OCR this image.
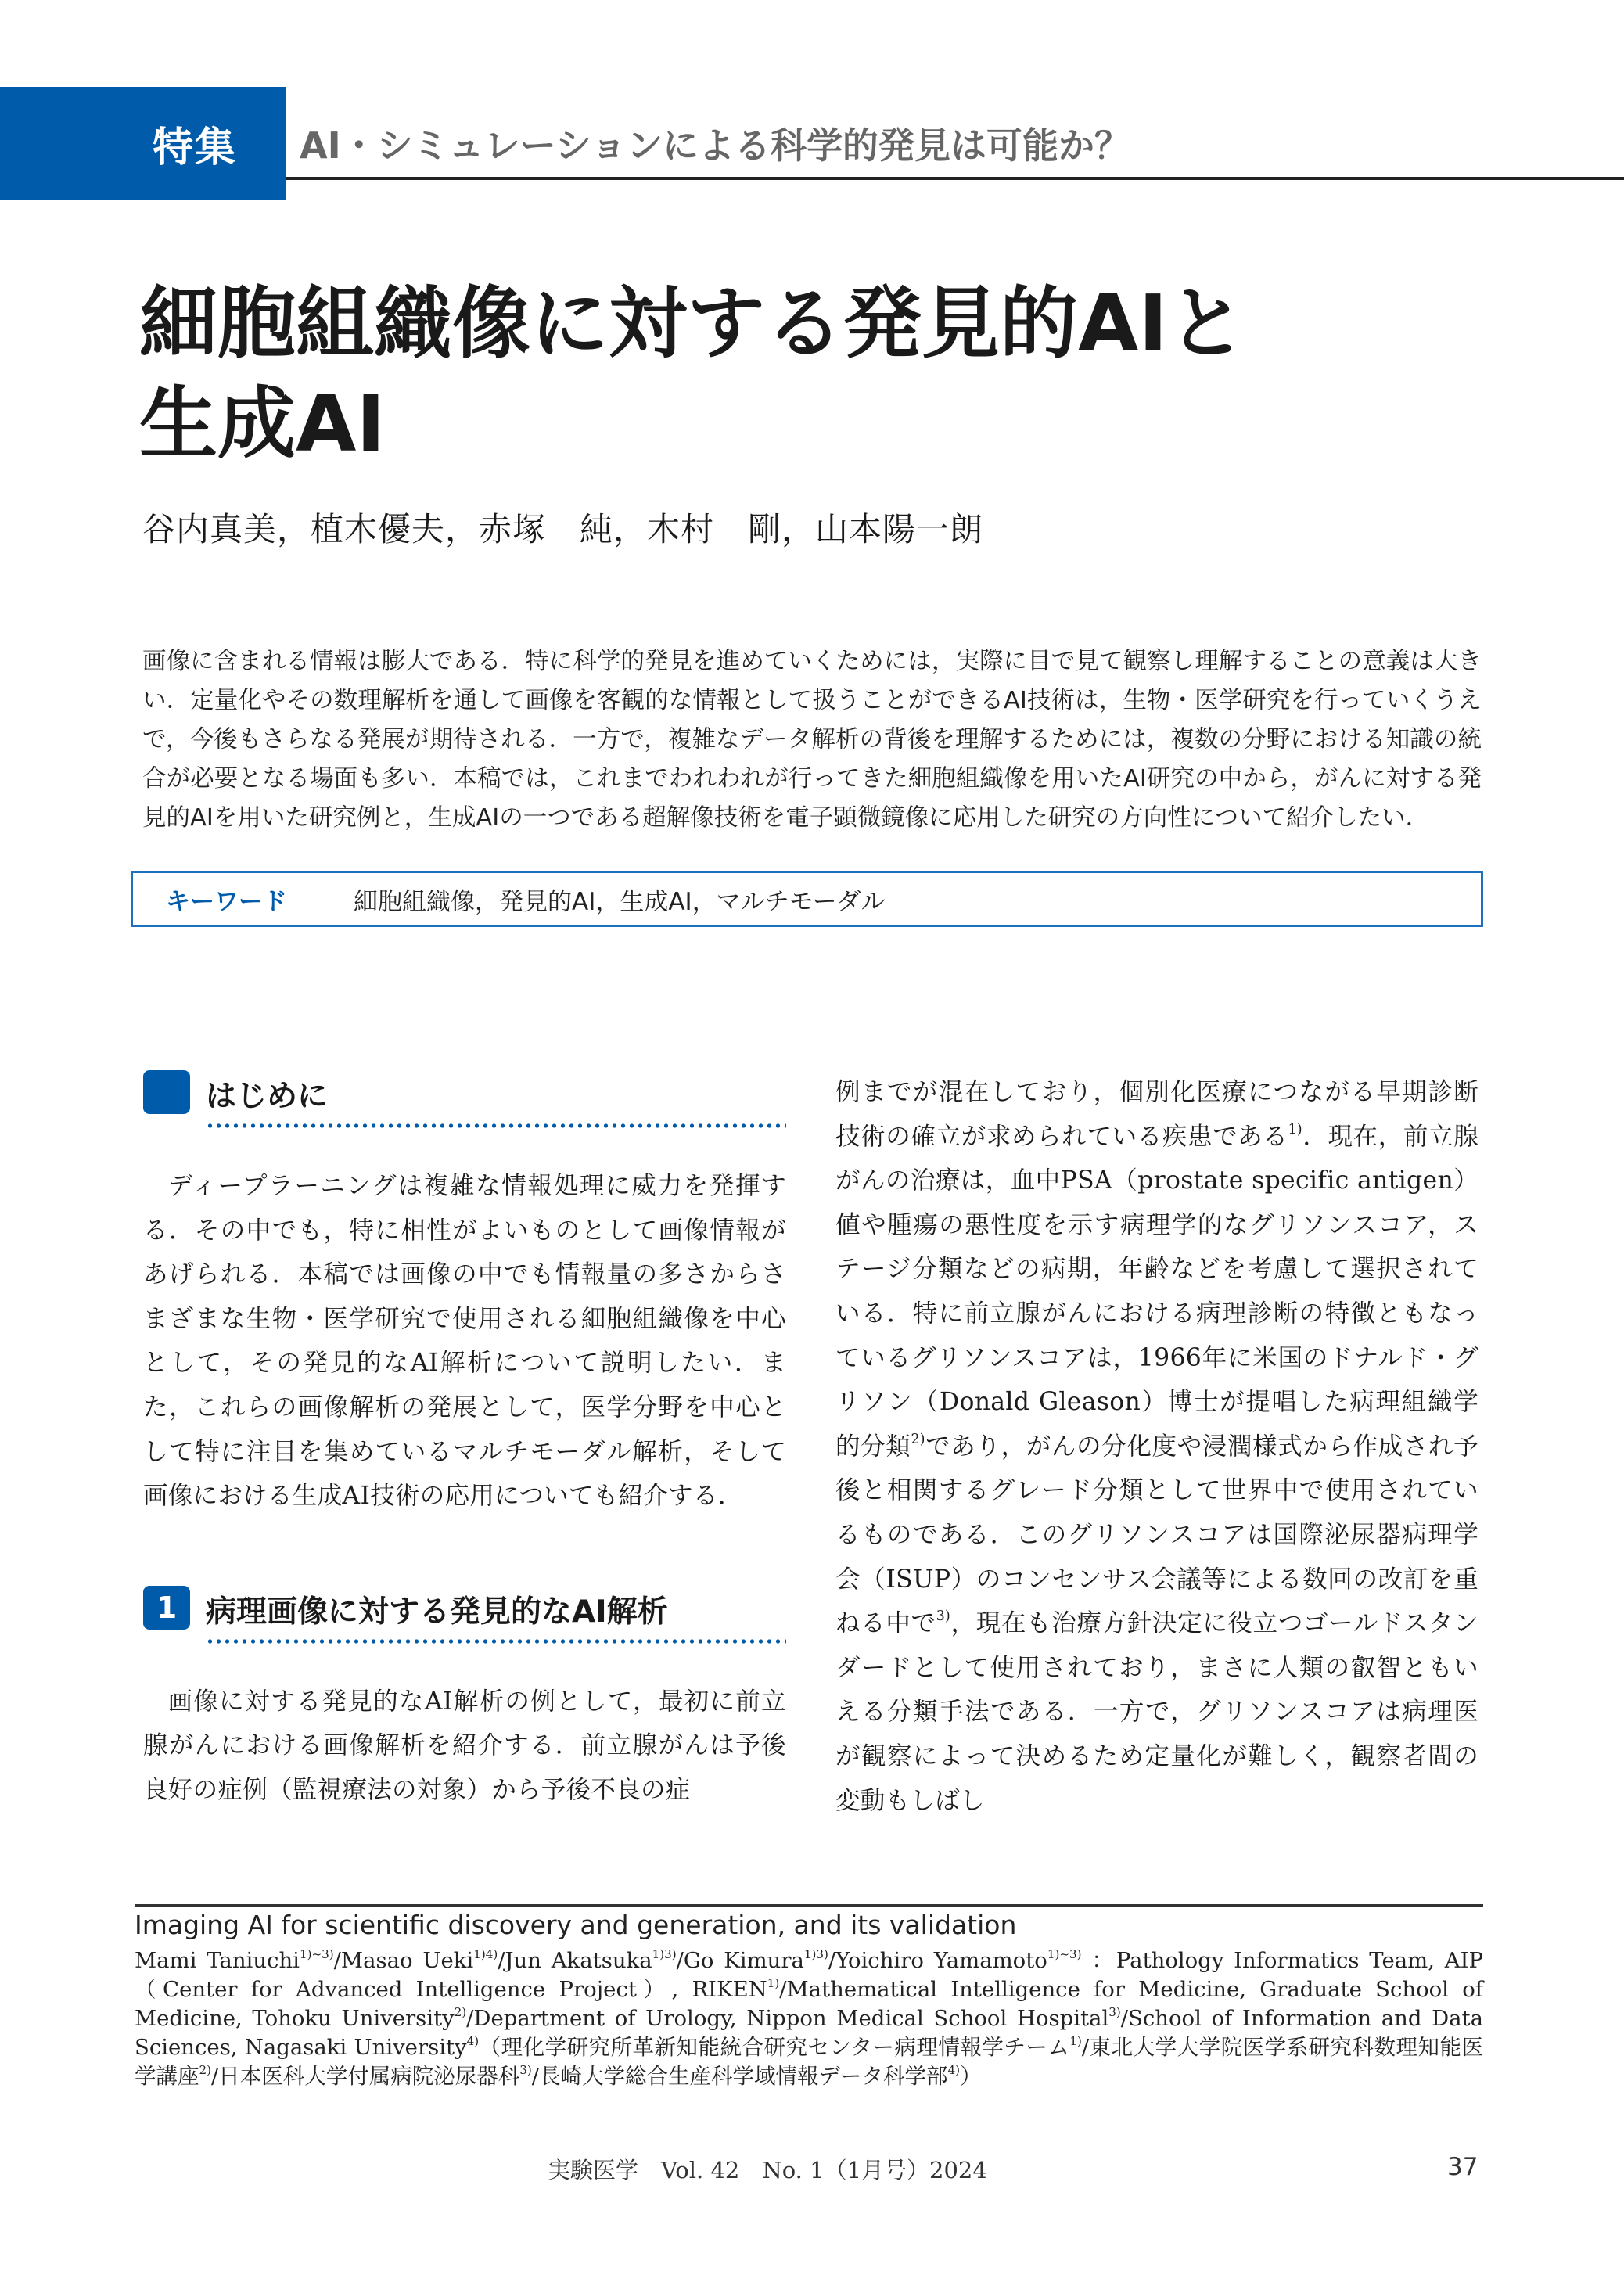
特集 AI・シミュレーションによる科学的発見は可能か？
細胞組織像に対する発見的AIと
生成AI
谷内真美，植木優夫，赤塚　純，木村　剛，山本陽一朗

画像に含まれる情報は膨大である．特に科学的発見を進めていくためには，実際に目で見て観察し理解することの意義は大きい．定量化やその数理解析を通して画像を客観的な情報として扱うことができるAI技術は，生物・医学研究を行っていくうえで，今後もさらなる発展が期待される．一方で，複雑なデータ解析の背後を理解するためには，複数の分野における知識の統合が必要となる場面も多い．本稿では，これまでわれわれが行ってきた細胞組織像を用いたAI研究の中から，がんに対する発見的AIを用いた研究例と，生成AIの一つである超解像技術を電子顕微鏡像に応用した研究の方向性について紹介したい．

キーワード	細胞組織像，発見的AI，生成AI，マルチモーダル
はじめに

ディープラーニングは複雑な情報処理に威力を発揮する．その中でも，特に相性がよいものとして画像情報があげられる．本稿では画像の中でも情報量の多さからさまざまな生物・医学研究で使用される細胞組織像を中心として，その発見的なAI解析について説明したい．また，これらの画像解析の発展として，医学分野を中心として特に注目を集めているマルチモーダル解析，そして画像における生成AI技術の応用についても紹介する．

1 病理画像に対する発見的なAI解析

画像に対する発見的なAI解析の例として，最初に前立腺がんにおける画像解析を紹介する．前立腺がんは予後良好の症例（監視療法の対象）から予後不良の症

例までが混在しており，個別化医療につながる早期診断技術の確立が求められている疾患である$^{1)}$．現在，前立腺がんの治療は，血中PSA（prostate specific antigen）値や腫瘍の悪性度を示す病理学的なグリソンスコア，ステージ分類などの病期，年齢などを考慮して選択されている．特に前立腺がんにおける病理診断の特徴ともなっているグリソンスコアは，1966年に米国のドナルド・グリソン（Donald Gleason）博士が提唱した病理組織学的分類$^{2)}$であり，がんの分化度や浸潤様式から作成され予後と相関するグレード分類として世界中で使用されているものである．このグリソンスコアは国際泌尿器病理学会（ISUP）のコンセンサス会議等による数回の改訂を重ねる中で$^{3)}$，現在も治療方針決定に役立つゴールドスタンダードとして使用されており，まさに人類の叡智ともいえる分類手法である．一方で，グリソンスコアは病理医が観察によって決めるため定量化が難しく，観察者間の変動もしばし

Imaging AI for scientific discovery and generation, and its validation
Mami Taniuchi$^{1)\sim 3)}$/Masao Ueki$^{1)4)}$/Jun Akatsuka$^{1)3)}$/Go Kimura$^{1)3)}$/Yoichiro Yamamoto$^{1)\sim 3)}$ ：Pathology Informatics Team, AIP（Center for Advanced Intelligence Project）, RIKEN$^{1)}$/Mathematical Intelligence for Medicine, Graduate School of Medicine, Tohoku University$^{2)}$/Department of Urology, Nippon Medical School Hospital$^{3)}$/School of Information and Data Sciences, Nagasaki University$^{4)}$（理化学研究所革新知能統合研究センター病理情報学チーム$^{1)}$/東北大学大学院医学系研究科数理知能医学講座$^{2)}$/日本医科大学付属病院泌尿器科$^{3)}$/長崎大学総合生産科学域情報データ科学部$^{4)}$）
実験医学　Vol. 42　No. 1（1月号）2024	37
